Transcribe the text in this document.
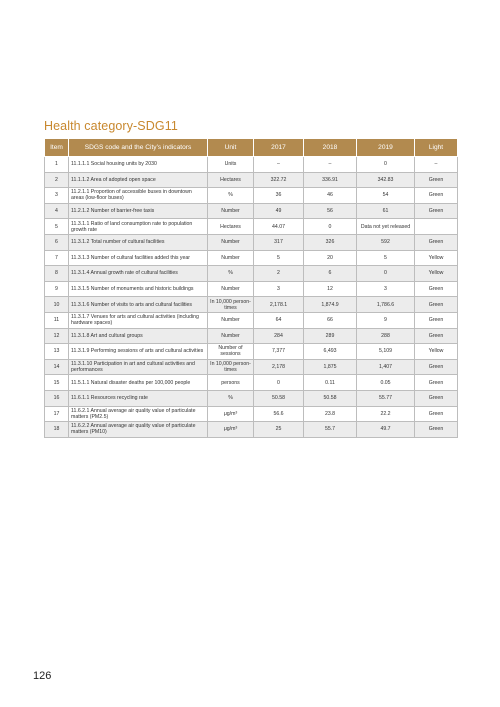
Health category-SDG11
Item	SDGS code and the City’s indicators	Unit	2017	2018	2019	Light
1	11.1.1.1 Social housing units by 2030	Units	–	–	0	–
2	11.1.1.2 Area of adopted open space	Hectares	322.72	336.91	342.83	Green
3	11.2.1.1 Proportion of accessible buses in downtown areas (low-floor buses)	%	36	46	54	Green
4	11.2.1.2 Number of barrier-free taxis	Number	49	56	61	Green
5	11.3.1.1 Ratio of land consumption rate to population growth rate	Hectares	44.07	0	Data not yet released	
6	11.3.1.2 Total number of cultural facilities	Number	317	326	592	Green
7	11.3.1.3 Number of cultural facilities added this year	Number	5	20	5	Yellow
8	11.3.1.4 Annual growth rate of cultural facilities	%	2	6	0	Yellow
9	11.3.1.5 Number of monuments and historic buildings	Number	3	12	3	Green
10	11.3.1.6 Number of visits to arts and cultural facilities	In 10,000 person-times	2,178.1	1,874.9	1,786.6	Green
11	11.3.1.7 Venues for arts and cultural activities (including hardware spaces)	Number	64	66	9	Green
12	11.3.1.8 Art and cultural groups	Number	284	289	288	Green
13	11.3.1.9 Performing sessions of arts and cultural activities	Number of sessions	7,377	6,493	5,109	Yellow
14	11.3.1.10 Participation in art and cultural activities and performances	In 10,000 person-times	2,178	1,875	1,407	Green
15	11.5.1.1 Natural disaster deaths per 100,000 people	persons	0	0.11	0.05	Green
16	11.6.1.1 Resources recycling rate	%	50.58	50.58	55.77	Green
17	11.6.2.1 Annual average air quality value of particulate matters (PM2.5)	μg/m³	56.6	23.8	22.2	Green
18	11.6.2.2 Annual average air quality value of particulate matters (PM10)	μg/m³	25	55.7	49.7	Green
126
